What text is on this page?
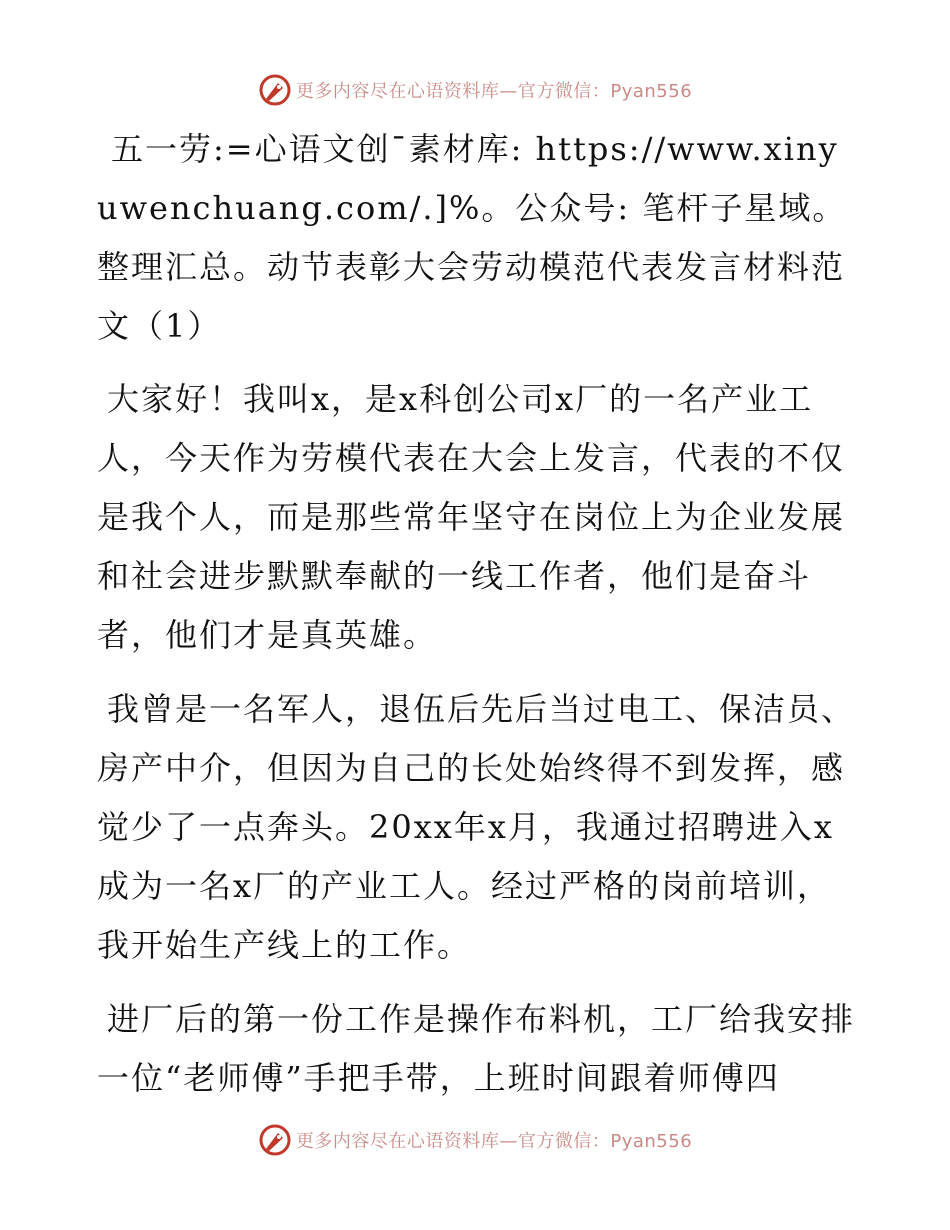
更多内容尽在心语资料库—官方微信：Pyan556

五一劳:=心语文创¯素材库: https://www.xinyuwenchuang.com/.]%。公众号: 笔杆子星域。整理汇总。动节表彰大会劳动模范代表发言材料范文（1）

大家好！我叫x，是x科创公司x厂的一名产业工人，今天作为劳模代表在大会上发言，代表的不仅是我个人，而是那些常年坚守在岗位上为企业发展和社会进步默默奉献的一线工作者，他们是奋斗者，他们才是真英雄。

我曾是一名军人，退伍后先后当过电工、保洁员、房产中介，但因为自己的长处始终得不到发挥，感觉少了一点奔头。20xx年x月，我通过招聘进入x成为一名x厂的产业工人。经过严格的岗前培训，我开始生产线上的工作。

进厂后的第一份工作是操作布料机，工厂给我安排一位“老师傅”手把手带，上班时间跟着师傅四

更多内容尽在心语资料库—官方微信：Pyan556
